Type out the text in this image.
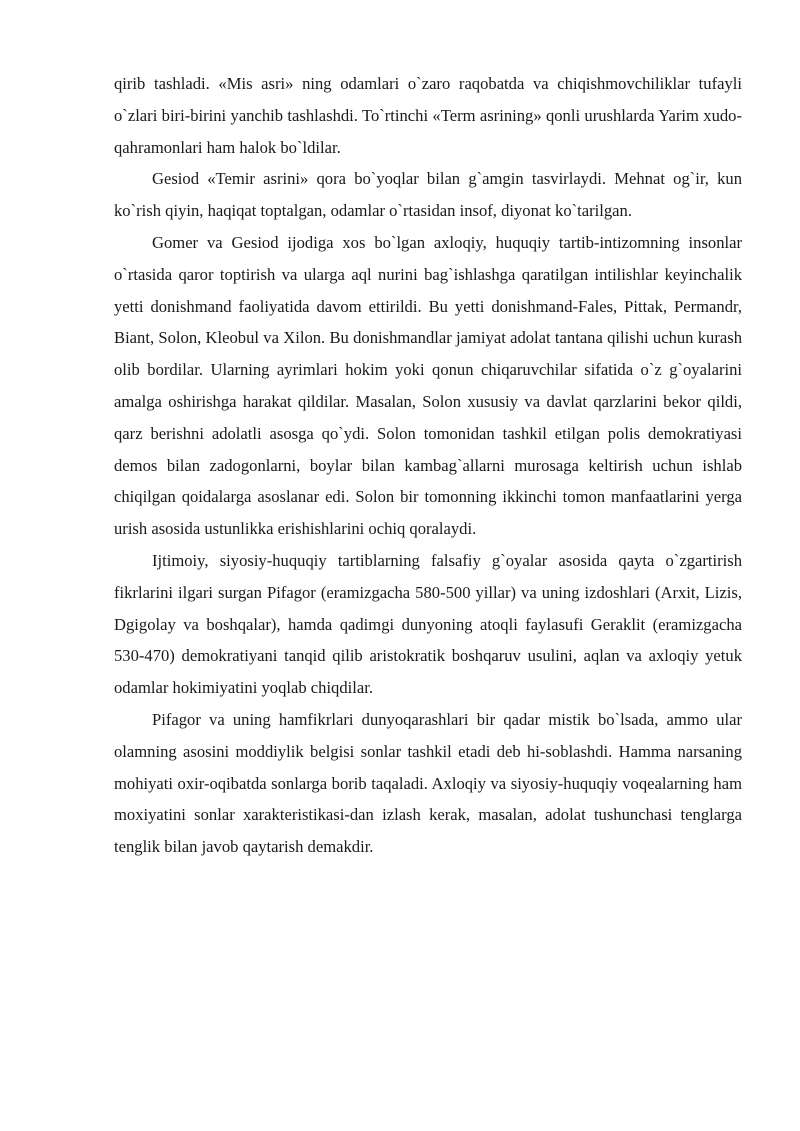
qirib tashladi. «Mis asri» ning odamlari o`zaro raqobatda va chiqishmovchiliklar tufayli o`zlari biri-birini yanchib tashlashdi. To`rtinchi «Term asrining» qonli urushlarda Yarim xudo-qahramonlari ham halok bo`ldilar.

Gesiod «Temir asrini» qora bo`yoqlar bilan g`amgin tasvirlaydi. Mehnat og`ir, kun ko`rish qiyin, haqiqat toptalgan, odamlar o`rtasidan insof, diyonat ko`tarilgan.

Gomer va Gesiod ijodiga xos bo`lgan axloqiy, huquqiy tartib-intizomning insonlar o`rtasida qaror toptirish va ularga aql nurini bag`ishlashga qaratilgan intilishlar keyinchalik yetti donishmand faoliyatida davom ettirildi. Bu yetti donishmand-Fales, Pittak, Permandr, Biant, Solon, Kleobul va Xilon. Bu donishmandlar jamiyat adolat tantana qilishi uchun kurash olib bordilar. Ularning ayrimlari hokim yoki qonun chiqaruvchilar sifatida o`z g`oyalarini amalga oshirishga harakat qildilar. Masalan, Solon xususiy va davlat qarzlarini bekor qildi, qarz berishni adolatli asosga qo`ydi. Solon tomonidan tashkil etilgan polis demokratiyasi demos bilan zadogonlarni, boylar bilan kambag`allarni murosaga keltirish uchun ishlab chiqilgan qoidalarga asoslanar edi. Solon bir tomonning ikkinchi tomon manfaatlarini yerga urish asosida ustunlikka erishishlarini ochiq qoralaydi.

Ijtimoiy, siyosiy-huquqiy tartiblarning falsafiy g`oyalar asosida qayta o`zgartirish fikrlarini ilgari surgan Pifagor (eramizgacha 580-500 yillar) va uning izdoshlari (Arxit, Lizis, Dgigolay va boshqalar), hamda qadimgi dunyoning atoqli faylasufi Geraklit (eramizgacha 530-470) demokratiyani tanqid qilib aristokratik boshqaruv usulini, aqlan va axloqiy yetuk odamlar hokimiyatini yoqlab chiqdilar.

Pifagor va uning hamfikrlari dunyoqarashlari bir qadar mistik bo`lsada, ammo ular olamning asosini moddiylik belgisi sonlar tashkil etadi deb hi-soblashdi. Hamma narsaning mohiyati oxir-oqibatda sonlarga borib taqaladi. Axloqiy va siyosiy-huquqiy voqealarning ham moxiyatini sonlar xarakteristikasi-dan izlash kerak, masalan, adolat tushunchasi tenglarga tenglik bilan javob qaytarish demakdir.
